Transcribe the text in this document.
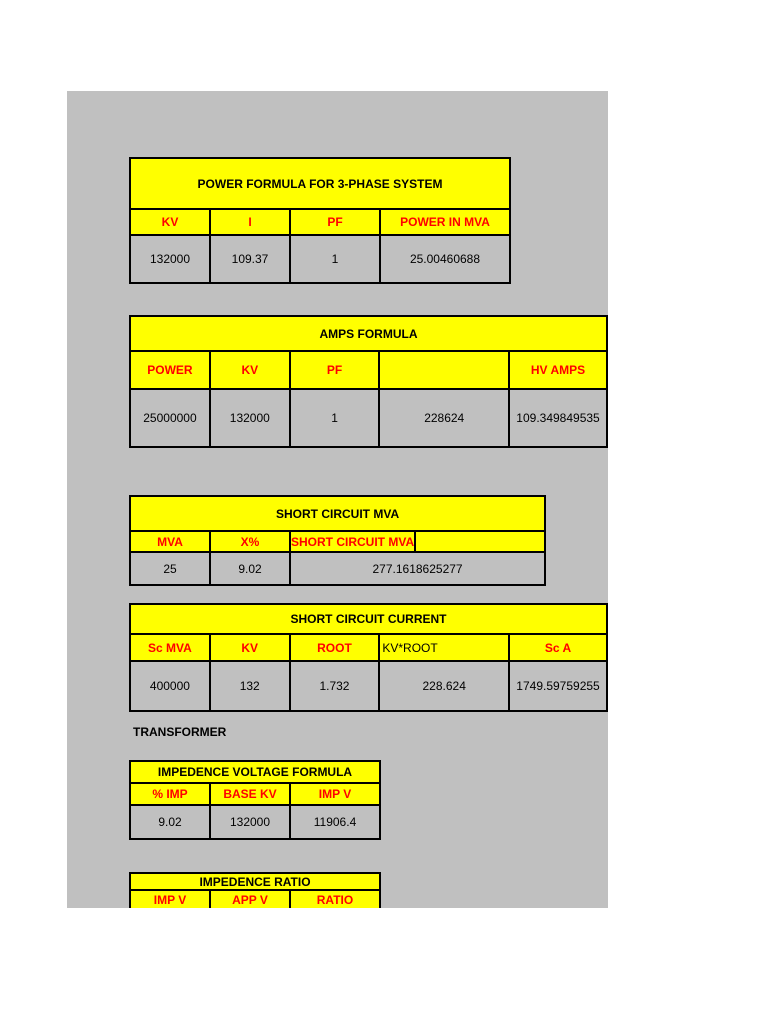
POWER FORMULA FOR 3-PHASE SYSTEM			
KV	I	PF	POWER IN MVA
132000	109.37	1	25.00460688
AMPS FORMULA				
POWER	KV	PF		HV AMPS
25000000	132000	1	228624	109.349849535
SHORT CIRCUIT MVA			
MVA	X%	SHORT CIRCUIT MVA	
25	9.02	277.1618625277	
SHORT CIRCUIT CURRENT				
Sc MVA	KV	ROOT	KV*ROOT	Sc A
400000	132	1.732	228.624	1749.59759255
TRANSFORMER
IMPEDENCE VOLTAGE FORMULA		
% IMP	BASE KV	IMP V
9.02	132000	11906.4
IMPEDENCE RATIO
IMP V	APP V	RATIO
